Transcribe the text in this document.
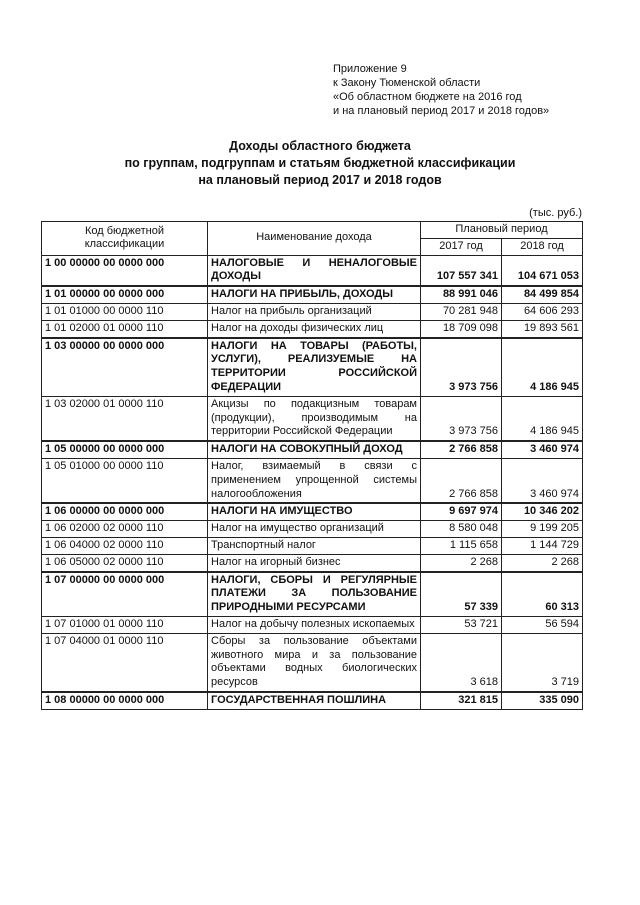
Приложение 9
к Закону Тюменской области
«Об областном бюджете на 2016 год
и на плановый период 2017 и 2018 годов»
Доходы областного бюджета
по группам, подгруппам и статьям бюджетной классификации
на плановый период 2017 и 2018 годов
(тыс. руб.)
Код бюджетной классификации	Наименование дохода	Плановый период	
		2017 год	2018 год
1 00 00000 00 0000 000	НАЛОГОВЫЕ И НЕНАЛОГОВЫЕ ДОХОДЫ	107 557 341	104 671 053
1 01 00000 00 0000 000	НАЛОГИ НА ПРИБЫЛЬ, ДОХОДЫ	88 991 046	84 499 854
1 01 01000 00 0000 110	Налог на прибыль организаций	70 281 948	64 606 293
1 01 02000 01 0000 110	Налог на доходы физических лиц	18 709 098	19 893 561
1 03 00000 00 0000 000	НАЛОГИ НА ТОВАРЫ (РАБОТЫ, УСЛУГИ), РЕАЛИЗУЕМЫЕ НА ТЕРРИТОРИИ РОССИЙСКОЙ ФЕДЕРАЦИИ	3 973 756	4 186 945
1 03 02000 01 0000 110	Акцизы по подакцизным товарам (продукции), производимым на территории Российской Федерации	3 973 756	4 186 945
1 05 00000 00 0000 000	НАЛОГИ НА СОВОКУПНЫЙ ДОХОД	2 766 858	3 460 974
1 05 01000 00 0000 110	Налог, взимаемый в связи с применением упрощенной системы налогообложения	2 766 858	3 460 974
1 06 00000 00 0000 000	НАЛОГИ НА ИМУЩЕСТВО	9 697 974	10 346 202
1 06 02000 02 0000 110	Налог на имущество организаций	8 580 048	9 199 205
1 06 04000 02 0000 110	Транспортный налог	1 115 658	1 144 729
1 06 05000 02 0000 110	Налог на игорный бизнес	2 268	2 268
1 07 00000 00 0000 000	НАЛОГИ, СБОРЫ И РЕГУЛЯРНЫЕ ПЛАТЕЖИ ЗА ПОЛЬЗОВАНИЕ ПРИРОДНЫМИ РЕСУРСАМИ	57 339	60 313
1 07 01000 01 0000 110	Налог на добычу полезных ископаемых	53 721	56 594
1 07 04000 01 0000 110	Сборы за пользование объектами животного мира и за пользование объектами водных биологических ресурсов	3 618	3 719
1 08 00000 00 0000 000	ГОСУДАРСТВЕННАЯ ПОШЛИНА	321 815	335 090
